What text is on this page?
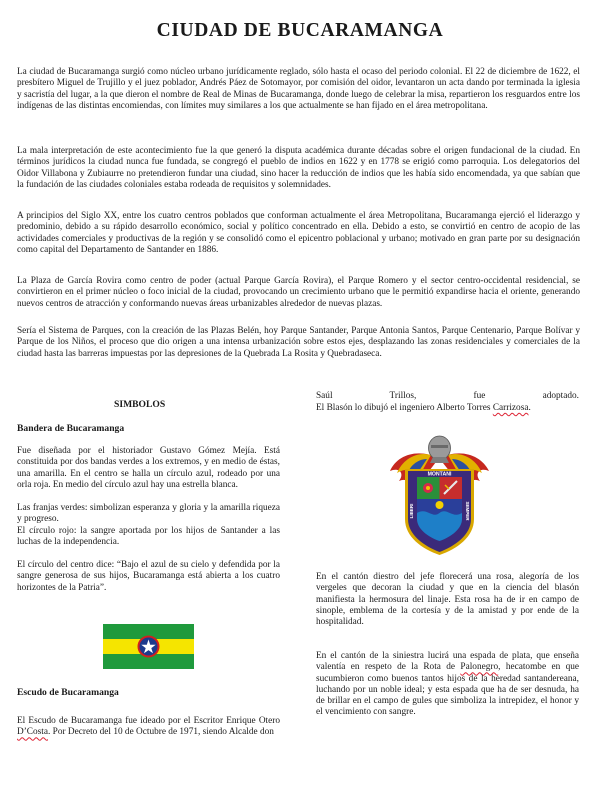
CIUDAD DE BUCARAMANGA

La ciudad de Bucaramanga surgió como núcleo urbano jurídicamente reglado, sólo hasta el ocaso del periodo colonial. El 22 de diciembre de 1622, el presbítero Miguel de Trujillo y el juez poblador, Andrés Páez de Sotomayor, por comisión del oidor, levantaron un acta dando por terminada la iglesia y sacristía del lugar, a la que dieron el nombre de Real de Minas de Bucaramanga, donde luego de celebrar la misa, repartieron los resguardos entre los indígenas de las distintas encomiendas, con límites muy similares a los que actualmente se han fijado en el área metropolitana.

La mala interpretación de este acontecimiento fue la que generó la disputa académica durante décadas sobre el origen fundacional de la ciudad. En términos jurídicos la ciudad nunca fue fundada, se congregó el pueblo de indios en 1622 y en 1778 se erigió como parroquia. Los delegatorios del Oidor Villabona y Zubiaurre no pretendieron fundar una ciudad, sino hacer la reducción de indios que les había sido encomendada, ya que sabían que la fundación de las ciudades coloniales estaba rodeada de requisitos y solemnidades.

A principios del Siglo XX, entre los cuatro centros poblados que conforman actualmente el área Metropolitana, Bucaramanga ejerció el liderazgo y predominio, debido a su rápido desarrollo económico, social y político concentrado en ella. Debido a esto, se convirtió en centro de acopio de las actividades comerciales y productivas de la región y se consolidó como el epicentro poblacional y urbano; motivado en gran parte por su designación como capital del Departamento de Santander en 1886.

La Plaza de García Rovira como centro de poder (actual Parque García Rovira), el Parque Romero y el sector centro-occidental residencial, se convirtieron en el primer núcleo o foco inicial de la ciudad, provocando un crecimiento urbano que le permitió expandirse hacia el oriente, generando nuevos centros de atracción y conformando nuevas áreas urbanizables alrededor de nuevas plazas.

Sería el Sistema de Parques, con la creación de las Plazas Belén, hoy Parque Santander, Parque Antonia Santos, Parque Centenario, Parque Bolívar y Parque de los Niños, el proceso que dio origen a una intensa urbanización sobre estos ejes, desplazando las zonas residenciales y comerciales de la ciudad hasta las barreras impuestas por las depresiones de la Quebrada La Rosita y Quebradaseca.

SIMBOLOS
Bandera de Bucaramanga

Fue diseñada por el historiador Gustavo Gómez Mejía. Está constituida por dos bandas verdes a los extremos, y en medio de éstas, una amarilla. En el centro se halla un círculo azul, rodeado por una orla roja. En medio del círculo azul hay una estrella blanca.

Las franjas verdes: simbolizan esperanza y gloria y la amarilla riqueza y progreso.

El círculo rojo: la sangre aportada por los hijos de Santander a las luchas de la independencia.

El círculo del centro dice: “Bajo el azul de su cielo y defendida por la sangre generosa de sus hijos, Bucaramanga está abierta a los cuatro horizontes de la Patria”.

Escudo de Bucaramanga

El Escudo de Bucaramanga fue ideado por el Escritor Enrique Otero D’Costa. Por Decreto del 10 de Octubre de 1971, siendo Alcalde don

Saúl Trillos, fue adoptado.

El Blasón lo dibujó el ingeniero Alberto Torres Carrizosa.

MONTANI
LIBERI	SEMPER

En el cantón diestro del jefe florecerá una rosa, alegoría de los vergeles que decoran la ciudad y que en la ciencia del blasón manifiesta la hermosura del linaje. Esta rosa ha de ir en campo de sinople, emblema de la cortesía y de la amistad y por ende de la hospitalidad.

En el cantón de la siniestra lucirá una espada de plata, que enseña valentía en respeto de la Rota de Palonegro, hecatombe en que sucumbieron como buenos tantos hijos de la heredad santandereana, luchando por un noble ideal; y esta espada que ha de ser desnuda, ha de brillar en el campo de gules que simboliza la intrepidez, el honor y el vencimiento con sangre.
